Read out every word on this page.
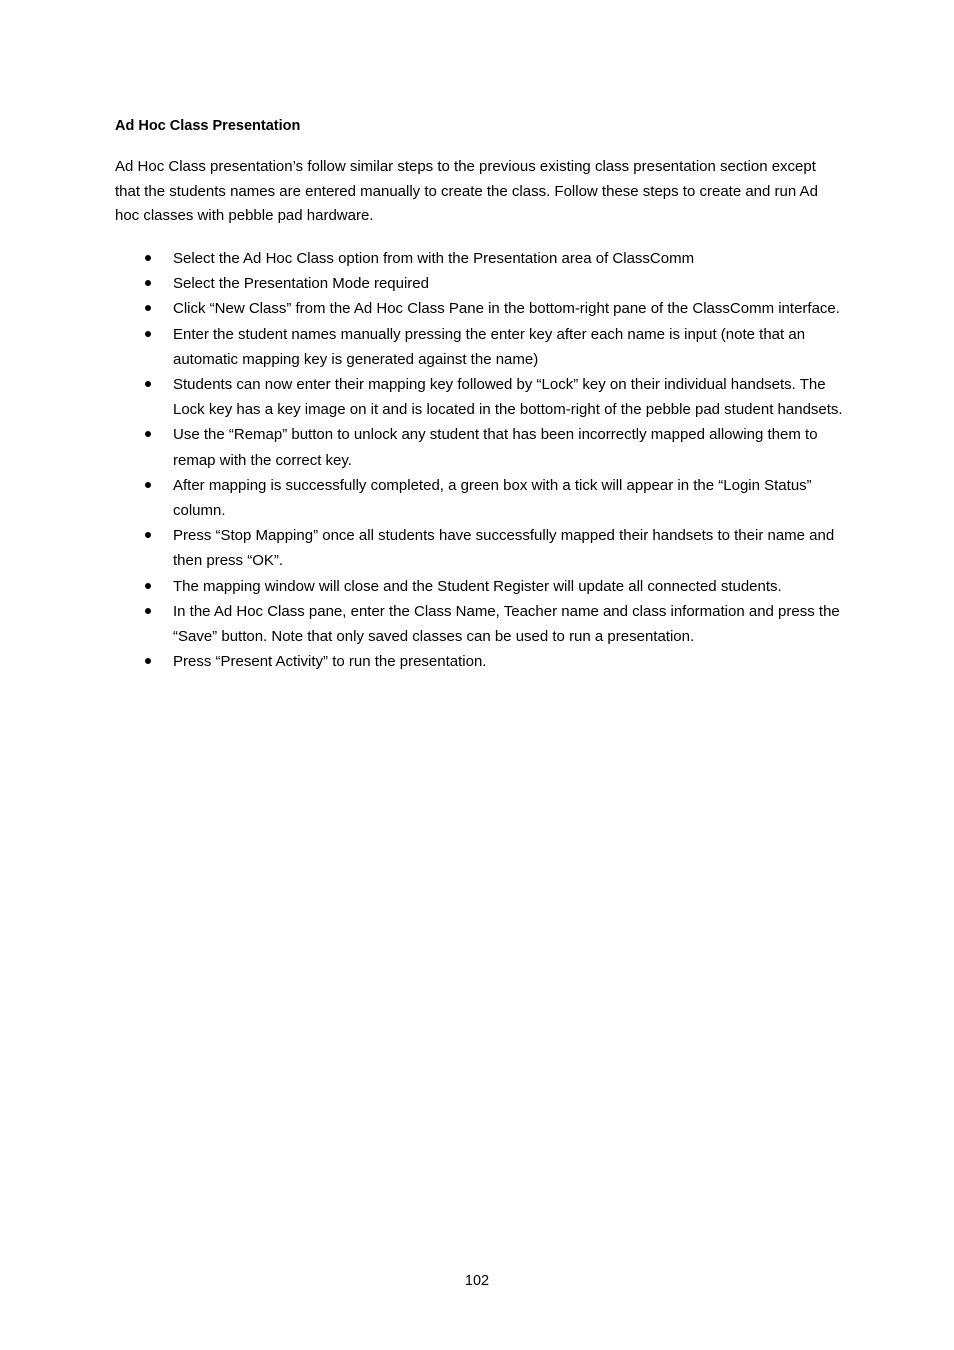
Ad Hoc Class Presentation

Ad Hoc Class presentation’s follow similar steps to the previous existing class presentation section except that the students names are entered manually to create the class. Follow these steps to create and run Ad hoc classes with pebble pad hardware.

Select the Ad Hoc Class option from with the Presentation area of ClassComm
Select the Presentation Mode required
Click “New Class” from the Ad Hoc Class Pane in the bottom-right pane of the ClassComm interface.
Enter the student names manually pressing the enter key after each name is input (note that an automatic mapping key is generated against the name)
Students can now enter their mapping key followed by “Lock” key on their individual handsets. The Lock key has a key image on it and is located in the bottom-right of the pebble pad student handsets.
Use the “Remap” button to unlock any student that has been incorrectly mapped allowing them to remap with the correct key.
After mapping is successfully completed, a green box with a tick will appear in the “Login Status” column.
Press “Stop Mapping” once all students have successfully mapped their handsets to their name and then press “OK”.
The mapping window will close and the Student Register will update all connected students.
In the Ad Hoc Class pane, enter the Class Name, Teacher name and class information and press the “Save” button. Note that only saved classes can be used to run a presentation.
Press “Present Activity” to run the presentation.
102
